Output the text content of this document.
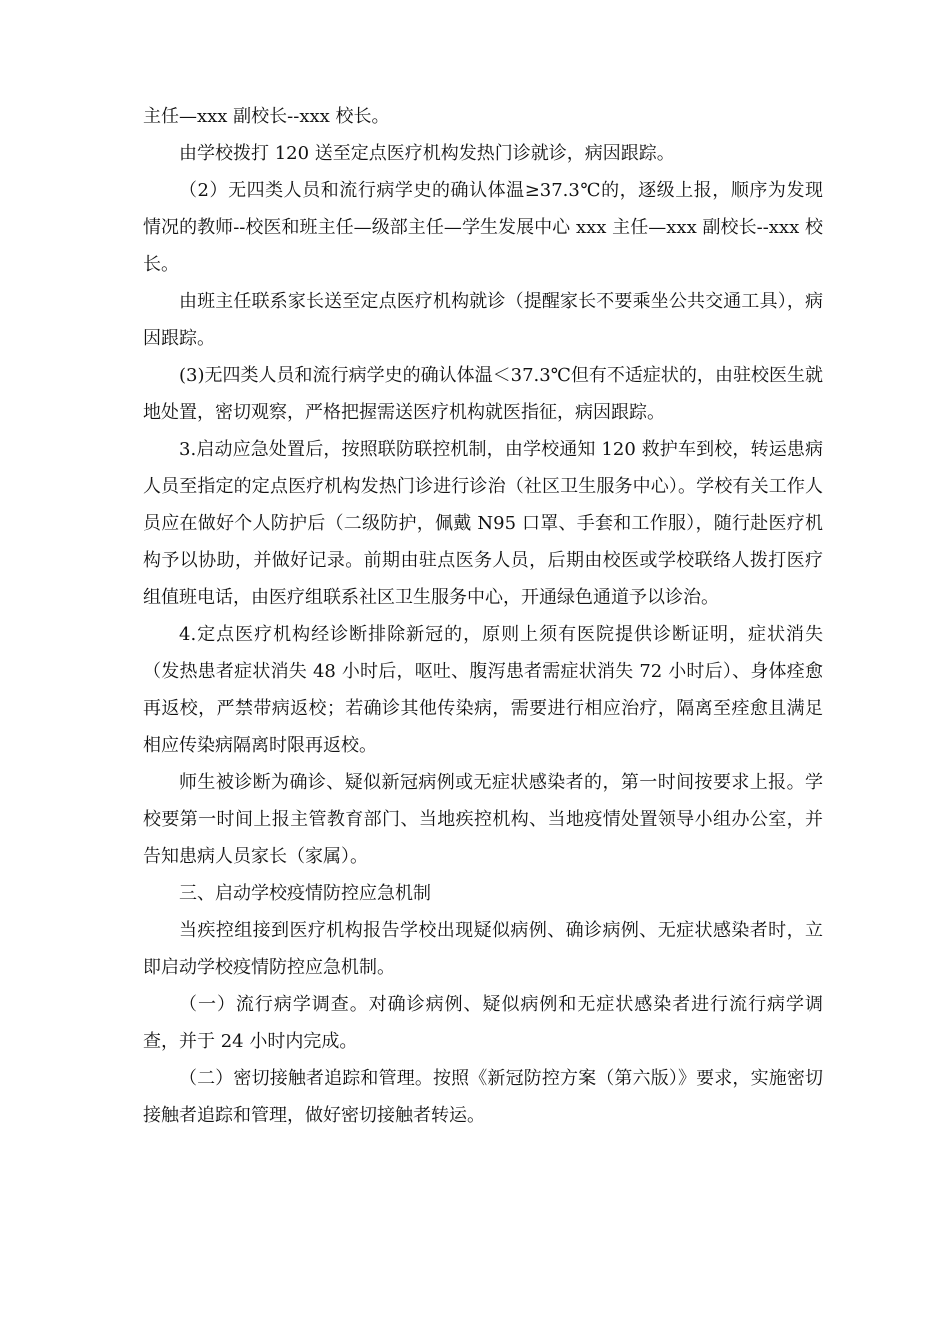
主任—xxx 副校长--xxx 校长。

由学校拨打 120 送至定点医疗机构发热门诊就诊，病因跟踪。

（2）无四类人员和流行病学史的确认体温≥37.3℃的，逐级上报，顺序为发现情况的教师--校医和班主任—级部主任—学生发展中心 xxx 主任—xxx 副校长--xxx 校长。

由班主任联系家长送至定点医疗机构就诊（提醒家长不要乘坐公共交通工具），病因跟踪。

(3)无四类人员和流行病学史的确认体温＜37.3℃但有不适症状的，由驻校医生就地处置，密切观察，严格把握需送医疗机构就医指征，病因跟踪。

3.启动应急处置后，按照联防联控机制，由学校通知 120 救护车到校，转运患病人员至指定的定点医疗机构发热门诊进行诊治（社区卫生服务中心）。学校有关工作人员应在做好个人防护后（二级防护，佩戴 N95 口罩、手套和工作服），随行赴医疗机构予以协助，并做好记录。前期由驻点医务人员，后期由校医或学校联络人拨打医疗组值班电话，由医疗组联系社区卫生服务中心，开通绿色通道予以诊治。

4.定点医疗机构经诊断排除新冠的，原则上须有医院提供诊断证明，症状消失（发热患者症状消失 48 小时后，呕吐、腹泻患者需症状消失 72 小时后）、身体痊愈再返校，严禁带病返校；若确诊其他传染病，需要进行相应治疗，隔离至痊愈且满足相应传染病隔离时限再返校。

师生被诊断为确诊、疑似新冠病例或无症状感染者的，第一时间按要求上报。学校要第一时间上报主管教育部门、当地疾控机构、当地疫情处置领导小组办公室，并告知患病人员家长（家属）。

三、启动学校疫情防控应急机制

当疾控组接到医疗机构报告学校出现疑似病例、确诊病例、无症状感染者时，立即启动学校疫情防控应急机制。

（一）流行病学调查。对确诊病例、疑似病例和无症状感染者进行流行病学调查，并于 24 小时内完成。

（二）密切接触者追踪和管理。按照《新冠防控方案（第六版）》要求，实施密切接触者追踪和管理，做好密切接触者转运。
